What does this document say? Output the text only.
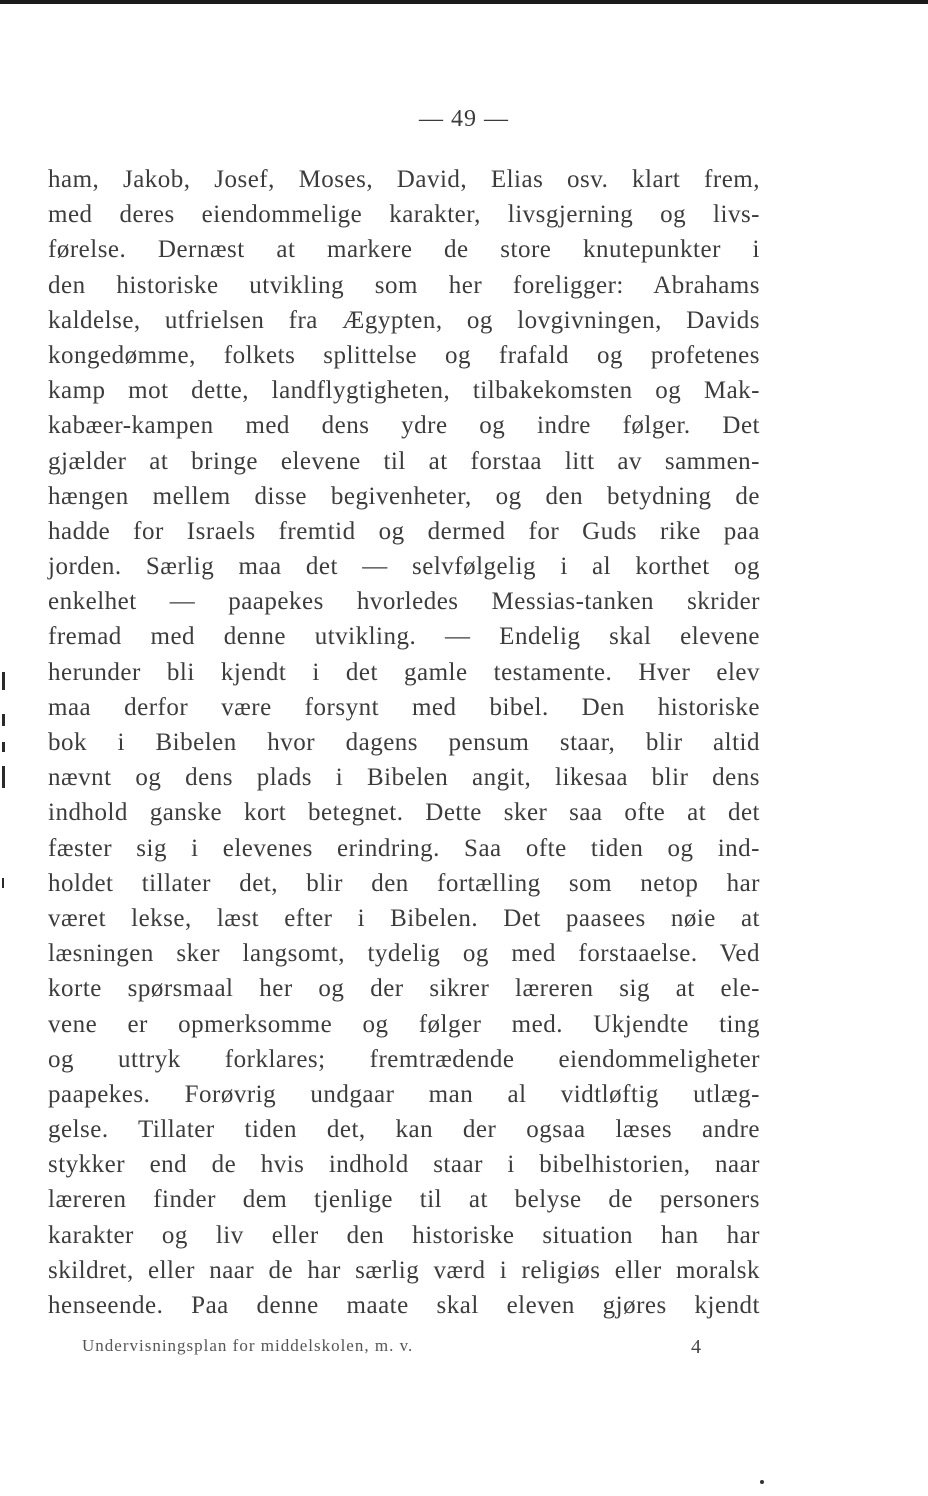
— 49 —
ham, Jakob, Josef, Moses, David, Elias osv. klart frem,
med deres eiendommelige karakter, livsgjerning og livs-
førelse. Dernæst at markere de store knutepunkter i
den historiske utvikling som her foreligger: Abrahams
kaldelse, utfrielsen fra Ægypten, og lovgivningen, Davids
kongedømme, folkets splittelse og frafald og profetenes
kamp mot dette, landflygtigheten, tilbakekomsten og Mak-
kabæer-kampen med dens ydre og indre følger. Det
gjælder at bringe elevene til at forstaa litt av sammen-
hængen mellem disse begivenheter, og den betydning de
hadde for Israels fremtid og dermed for Guds rike paa
jorden. Særlig maa det — selvfølgelig i al korthet og
enkelhet — paapekes hvorledes Messias-tanken skrider
fremad med denne utvikling. — Endelig skal elevene
herunder bli kjendt i det gamle testamente. Hver elev
maa derfor være forsynt med bibel. Den historiske
bok i Bibelen hvor dagens pensum staar, blir altid
nævnt og dens plads i Bibelen angit, likesaa blir dens
indhold ganske kort betegnet. Dette sker saa ofte at det
fæster sig i elevenes erindring. Saa ofte tiden og ind-
holdet tillater det, blir den fortælling som netop har
været lekse, læst efter i Bibelen. Det paasees nøie at
læsningen sker langsomt, tydelig og med forstaaelse. Ved
korte spørsmaal her og der sikrer læreren sig at ele-
vene er opmerksomme og følger med. Ukjendte ting
og uttryk forklares; fremtrædende eiendommeligheter
paapekes. Forøvrig undgaar man al vidtløftig utlæg-
gelse. Tillater tiden det, kan der ogsaa læses andre
stykker end de hvis indhold staar i bibelhistorien, naar
læreren finder dem tjenlige til at belyse de personers
karakter og liv eller den historiske situation han har
skildret, eller naar de har særlig værd i religiøs eller moralsk
henseende. Paa denne maate skal eleven gjøres kjendt
Undervisningsplan for middelskolen, m. v.	4
